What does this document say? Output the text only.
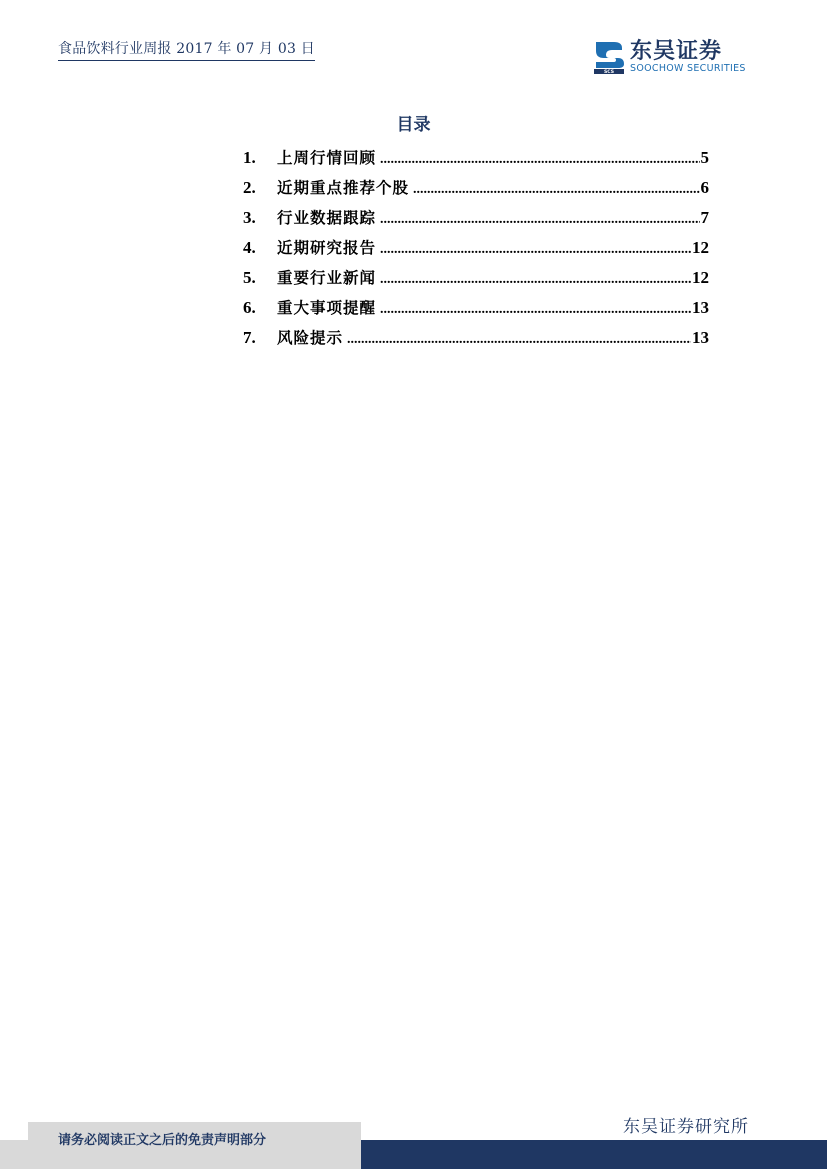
食品饮料行业周报 2017 年 07 月 03 日
SCS
东吴证券
SOOCHOW SECURITIES
目录
1.	上周行情回顾 .....	5
2.	近期重点推荐个股 .....	6
3.	行业数据跟踪 .....	7
4.	近期研究报告 .....	12
5.	重要行业新闻 .....	12
6.	重大事项提醒 .....	13
7.	风险提示 .....	13
东吴证券研究所
请务必阅读正文之后的免责声明部分
